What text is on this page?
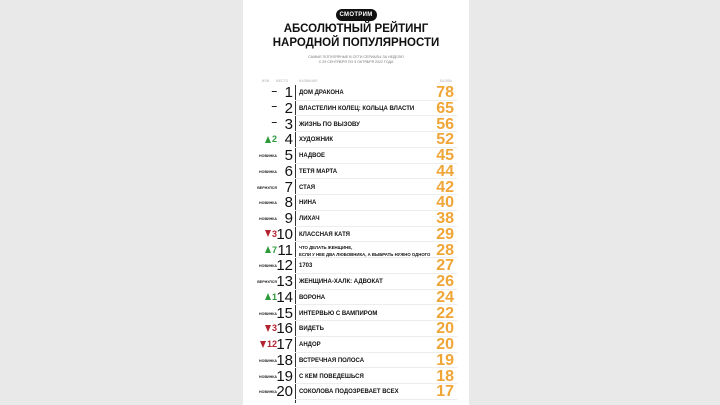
СМОТРИМ
АБСОЛЮТНЫЙ РЕЙТИНГ
НАРОДНОЙ ПОПУЛЯРНОСТИ
САМЫЕ ПОПУЛЯРНЫЕ В СЕТИ СЕРИАЛЫ ЗА НЕДЕЛЮ
С 29 СЕНТЯБРЯ ПО 5 ОКТЯБРЯ 2022 ГОДА
ИЗМ МЕСТО	НАЗВАНИЕ	БАЛЛЫ
– 1 ДОМ ДРАКОНА	78
– 2 ВЛАСТЕЛИН КОЛЕЦ: КОЛЬЦА ВЛАСТИ 65
– 3 ЖИЗНЬ ПО ВЫЗОВУ	56
2 4 ХУДОЖНИК	52
НОВИНКА 5 НАДВОЕ	45
НОВИНКА 6 ТЕТЯ МАРТА	44
ВЕРНУЛСЯ 7 СТАЯ	42
НОВИНКА 8 НИНА	40
НОВИНКА 9 ЛИХАЧ	38
3 10 КЛАССНАЯ КАТЯ	29
7 11 ЧТО ДЕЛАТЬ ЖЕНЩИНЕ,
ЕСЛИ У НЕЕ ДВА ЛЮБОВНИКА, А ВЫБРАТЬ НУЖНО ОДНОГО 28
НОВИНКА 12 1703	27
ВЕРНУЛСЯ 13 ЖЕНЩИНА-ХАЛК: АДВОКАТ	26
1 14 ВОРОНА	24
НОВИНКА 15 ИНТЕРВЬЮ С ВАМПИРОМ	22
3 16 ВИДЕТЬ	20
12 17 АНДОР	20
НОВИНКА 18 ВСТРЕЧНАЯ ПОЛОСА	19
НОВИНКА 19 С КЕМ ПОВЕДЕШЬСЯ	18
НОВИНКА 20 СОКОЛОВА ПОДОЗРЕВАЕТ ВСЕХ 17
